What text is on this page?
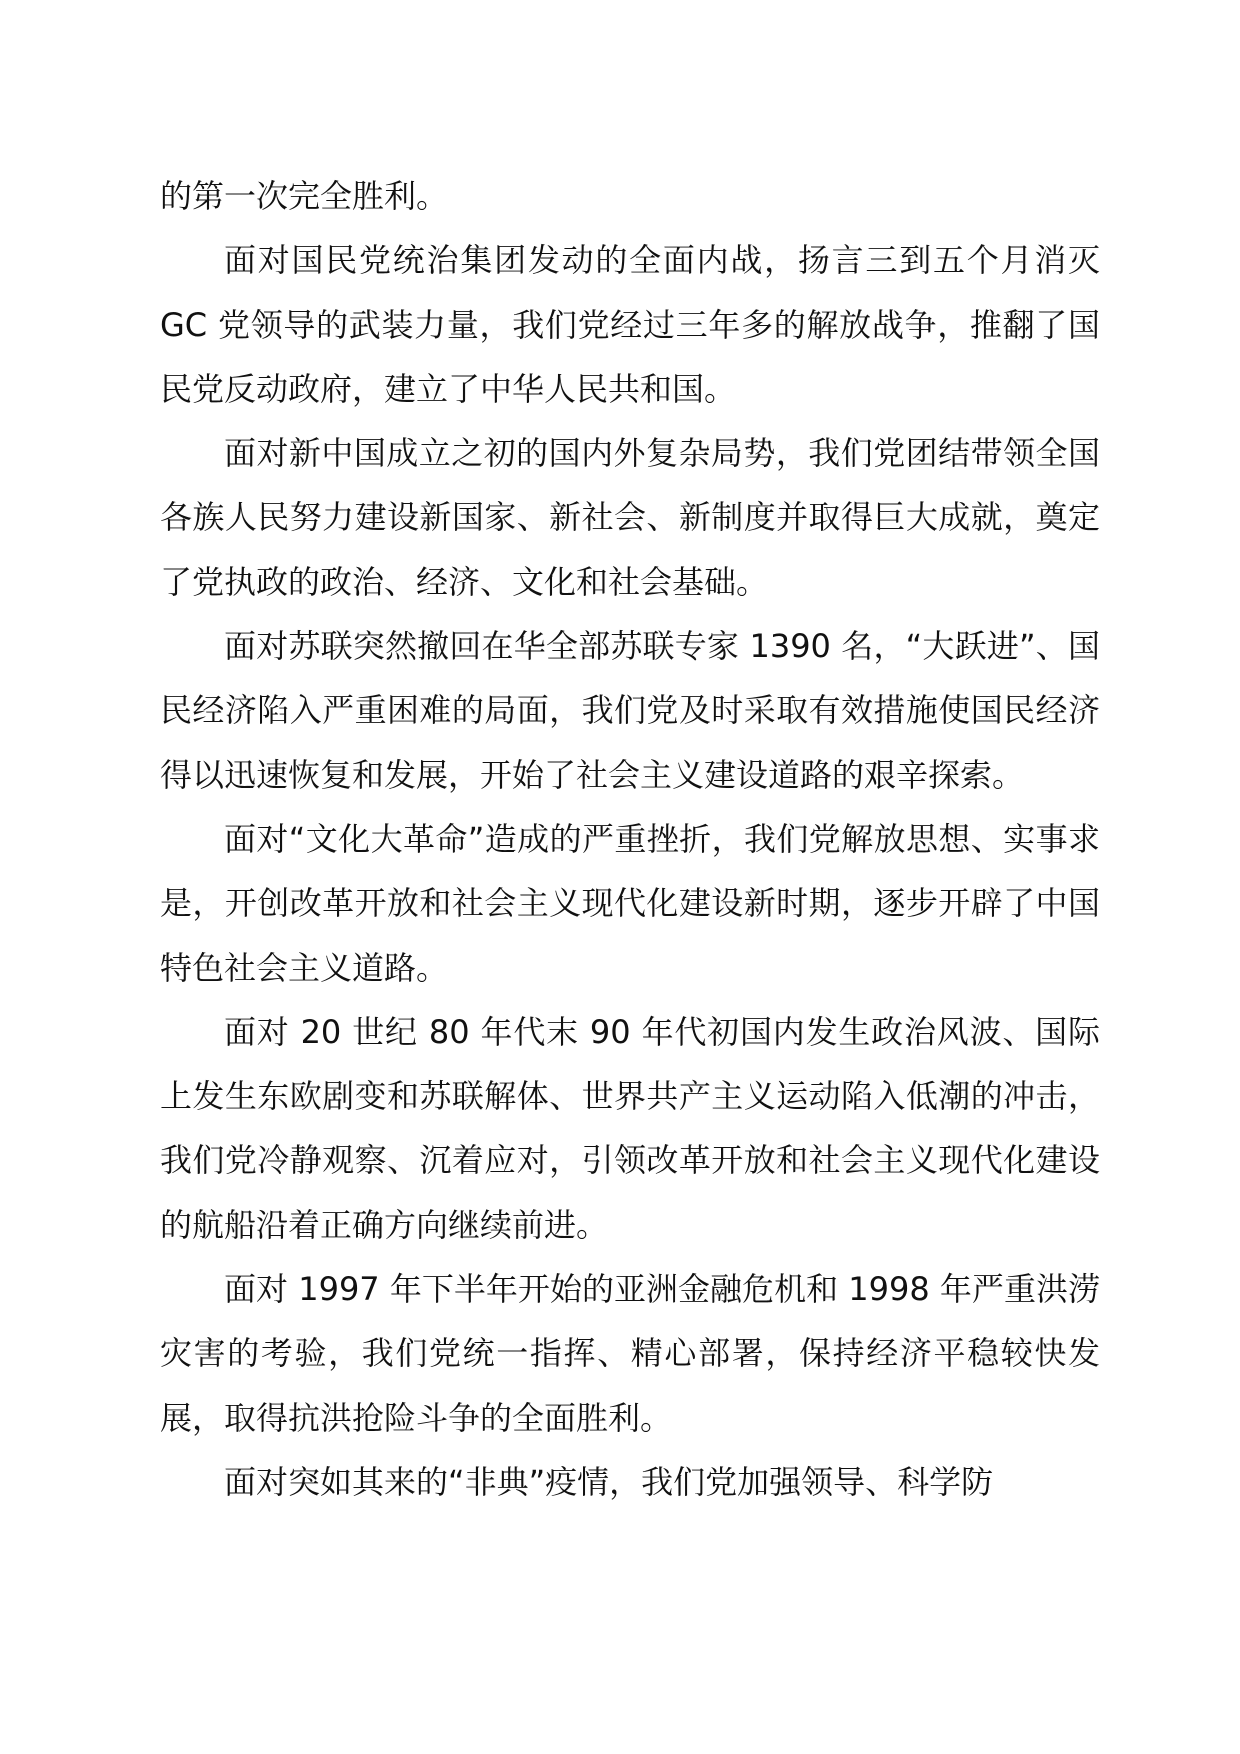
的第一次完全胜利。

面对国民党统治集团发动的全面内战，扬言三到五个月消灭 GC 党领导的武装力量，我们党经过三年多的解放战争，推翻了国民党反动政府，建立了中华人民共和国。

面对新中国成立之初的国内外复杂局势，我们党团结带领全国各族人民努力建设新国家、新社会、新制度并取得巨大成就，奠定了党执政的政治、经济、文化和社会基础。

面对苏联突然撤回在华全部苏联专家 1390 名，“大跃进”、国民经济陷入严重困难的局面，我们党及时采取有效措施使国民经济得以迅速恢复和发展，开始了社会主义建设道路的艰辛探索。

面对“文化大革命”造成的严重挫折，我们党解放思想、实事求是，开创改革开放和社会主义现代化建设新时期，逐步开辟了中国特色社会主义道路。

面对 20 世纪 80 年代末 90 年代初国内发生政治风波、国际上发生东欧剧变和苏联解体、世界共产主义运动陷入低潮的冲击，我们党冷静观察、沉着应对，引领改革开放和社会主义现代化建设的航船沿着正确方向继续前进。

面对 1997 年下半年开始的亚洲金融危机和 1998 年严重洪涝灾害的考验，我们党统一指挥、精心部署，保持经济平稳较快发展，取得抗洪抢险斗争的全面胜利。

面对突如其来的“非典”疫情，我们党加强领导、科学防
